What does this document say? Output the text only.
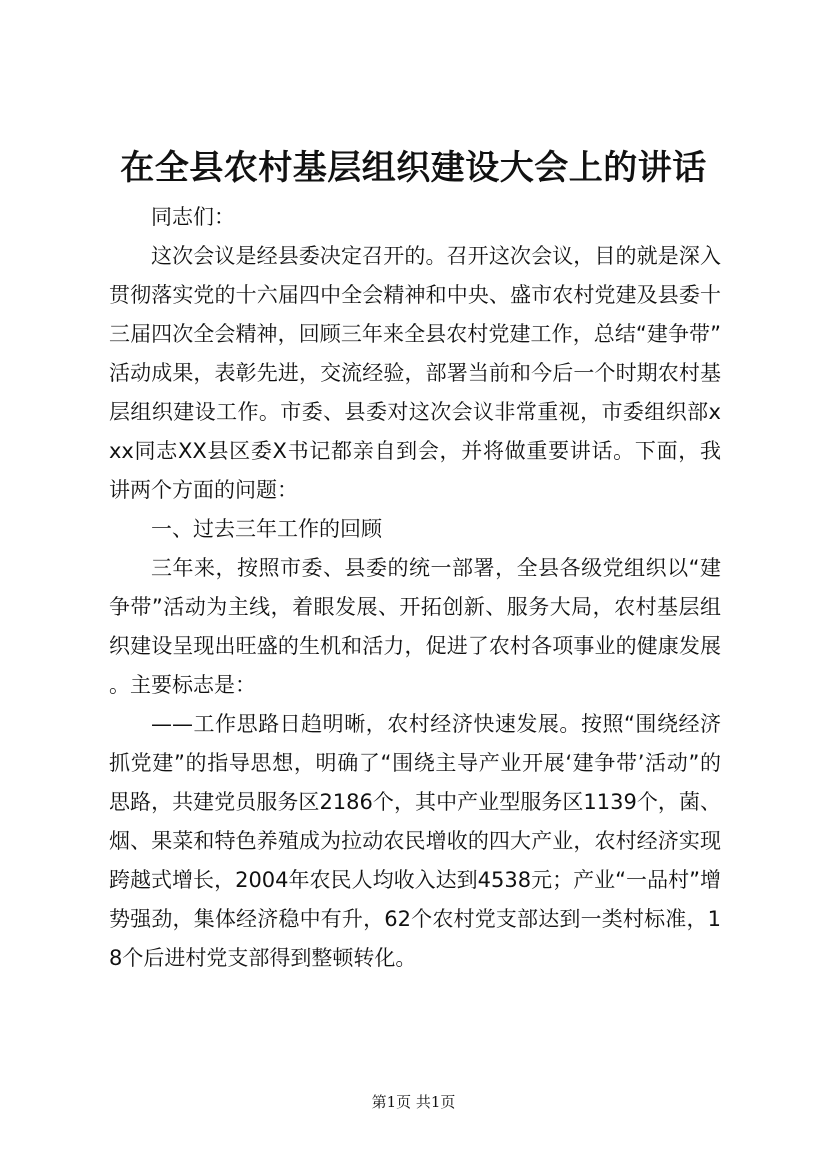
在全县农村基层组织建设大会上的讲话

同志们：

这次会议是经县委决定召开的。召开这次会议，目的就是深入贯彻落实党的十六届四中全会精神和中央、盛市农村党建及县委十三届四次全会精神，回顾三年来全县农村党建工作，总结“建争带”活动成果，表彰先进，交流经验，部署当前和今后一个时期农村基层组织建设工作。市委、县委对这次会议非常重视，市委组织部xxx同志XX县区委X书记都亲自到会，并将做重要讲话。下面，我讲两个方面的问题：

一、过去三年工作的回顾

三年来，按照市委、县委的统一部署，全县各级党组织以“建争带”活动为主线，着眼发展、开拓创新、服务大局，农村基层组织建设呈现出旺盛的生机和活力，促进了农村各项事业的健康发展。主要标志是：

——工作思路日趋明晰，农村经济快速发展。按照“围绕经济抓党建”的指导思想，明确了“围绕主导产业开展‘建争带’活动”的思路，共建党员服务区2186个，其中产业型服务区1139个，菌、烟、果菜和特色养殖成为拉动农民增收的四大产业，农村经济实现跨越式增长，2004年农民人均收入达到4538元；产业“一品村”增势强劲，集体经济稳中有升，62个农村党支部达到一类村标准，18个后进村党支部得到整顿转化。

第1页 共1页
